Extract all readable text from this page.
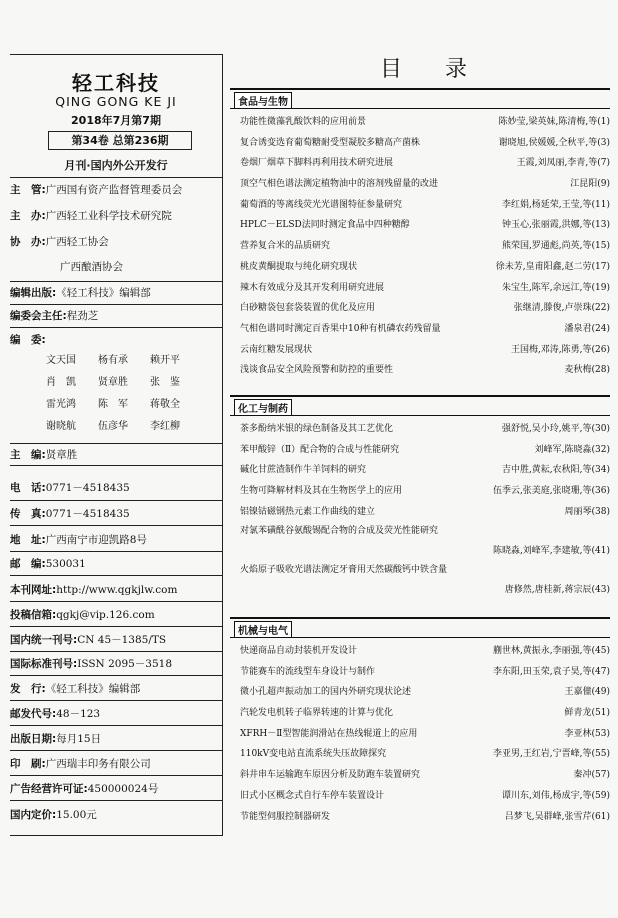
轻工科技
QING GONG KE JI
2018年7月第7期
第34卷 总第236期
月刊·国内外公开发行
主　管:广西国有资产监督管理委员会
主　办:广西轻工业科学技术研究院
协　办:广西轻工协会
广西酿酒协会
编辑出版:《轻工科技》编辑部
编委会主任:程劲芝
编　委:
文天国 杨有承 赖开平
肖　凯 贤章胜 张　鉴
雷光鸿 陈　军 蒋敬全
谢晓航 伍彦华 李红柳
主　编:贤章胜
电　话:0771－4518435
传　真:0771－4518435
地　址:广西南宁市迎凯路8号
邮　编:530031
本刊网址:http://www.qgkjlw.com
投稿信箱:qgkj@vip.126.com
国内统一刊号:CN 45－1385/TS
国际标准刊号:ISSN 2095－3518
发　行:《轻工科技》编辑部
邮发代号:48－123
出版日期:每月15日
印　刷:广西瑞丰印务有限公司
广告经营许可证:450000024号
国内定价:15.00元
目 录
食品与生物
功能性微藻乳酸饮料的应用前景	陈妙莹,梁英妹,陈清梅,等(1)
复合诱变选育葡萄糖耐受型凝胶多糖高产菌株	谢晓旭,侯媛媛,仝秋平,等(3)
卷烟厂烟草下脚料再利用技术研究进展	王霞,刘凤丽,李青,等(7)
顶空气相色谱法测定植物油中的溶剂残留量的改进	江昆阳(9)
葡萄酒的等离线荧光光谱图特征参量研究	李红娟,杨延荣,王莹,等(11)
HPLC－ELSD法同时测定食品中四种糖醇	钟玉心,张丽霞,洪娜,等(13)
营养复合米的品质研究	熊荣国,罗通彪,尚英,等(15)
桃皮黄酮提取与纯化研究现状	徐未芳,皇甫阳鑫,赵二劳(17)
辣木有效成分及其开发利用研究进展	朱宝生,陈军,余远江,等(19)
白砂糖袋包套袋装置的优化及应用	张继清,滕俊,卢崇珠(22)
气相色谱同时测定百香果中10种有机磷农药残留量	潘泉君(24)
云南红糖发展现状	王国梅,邓涛,陈勇,等(26)
浅谈食品安全风险预警和防控的重要性	麦秋梅(28)
化工与制药
茶多酚纳米银的绿色制备及其工艺优化	强舒悦,吴小玲,姚平,等(30)
苯甲酸锌（Ⅱ）配合物的合成与性能研究	刘峰军,陈晓淼(32)
碱化甘蔗渣制作牛羊饲料的研究	吉中胜,黄耘,农秋阳,等(34)
生物可降解材料及其在生物医学上的应用	伍季云,张美庭,张晓珊,等(36)
铝镍钴磁钢热元素工作曲线的建立	周丽琴(38)
对氯苯磺酰谷氨酸锡配合物的合成及荧光性能研究
陈晓淼,刘峰军,李建敏,等(41)
火焰原子吸收光谱法测定牙膏用天然碳酸钙中铁含量
唐修然,唐桂新,蒋宗辰(43)
机械与电气
快递商品自动封装机开发设计	蒯世林,黄振永,李丽强,等(45)
节能赛车的流线型车身设计与制作	李东阳,田玉荣,袁子昊,等(47)
微小孔超声振动加工的国内外研究现状论述	王嘉僮(49)
汽轮发电机转子临界转速的计算与优化	鲜青龙(51)
XFRH－Ⅱ型智能润滑站在热线辊道上的应用	李亚林(53)
110kV变电站直流系统失压故障探究	李亚男,王红岩,宁晋峰,等(55)
斜井串车运输跑车原因分析及防跑车装置研究	秦冲(57)
旧式小区概念式自行车停车装置设计	谭川东,刘伟,杨成宇,等(59)
节能型伺服控制器研发	吕梦飞,吴群峰,张雪芹(61)
